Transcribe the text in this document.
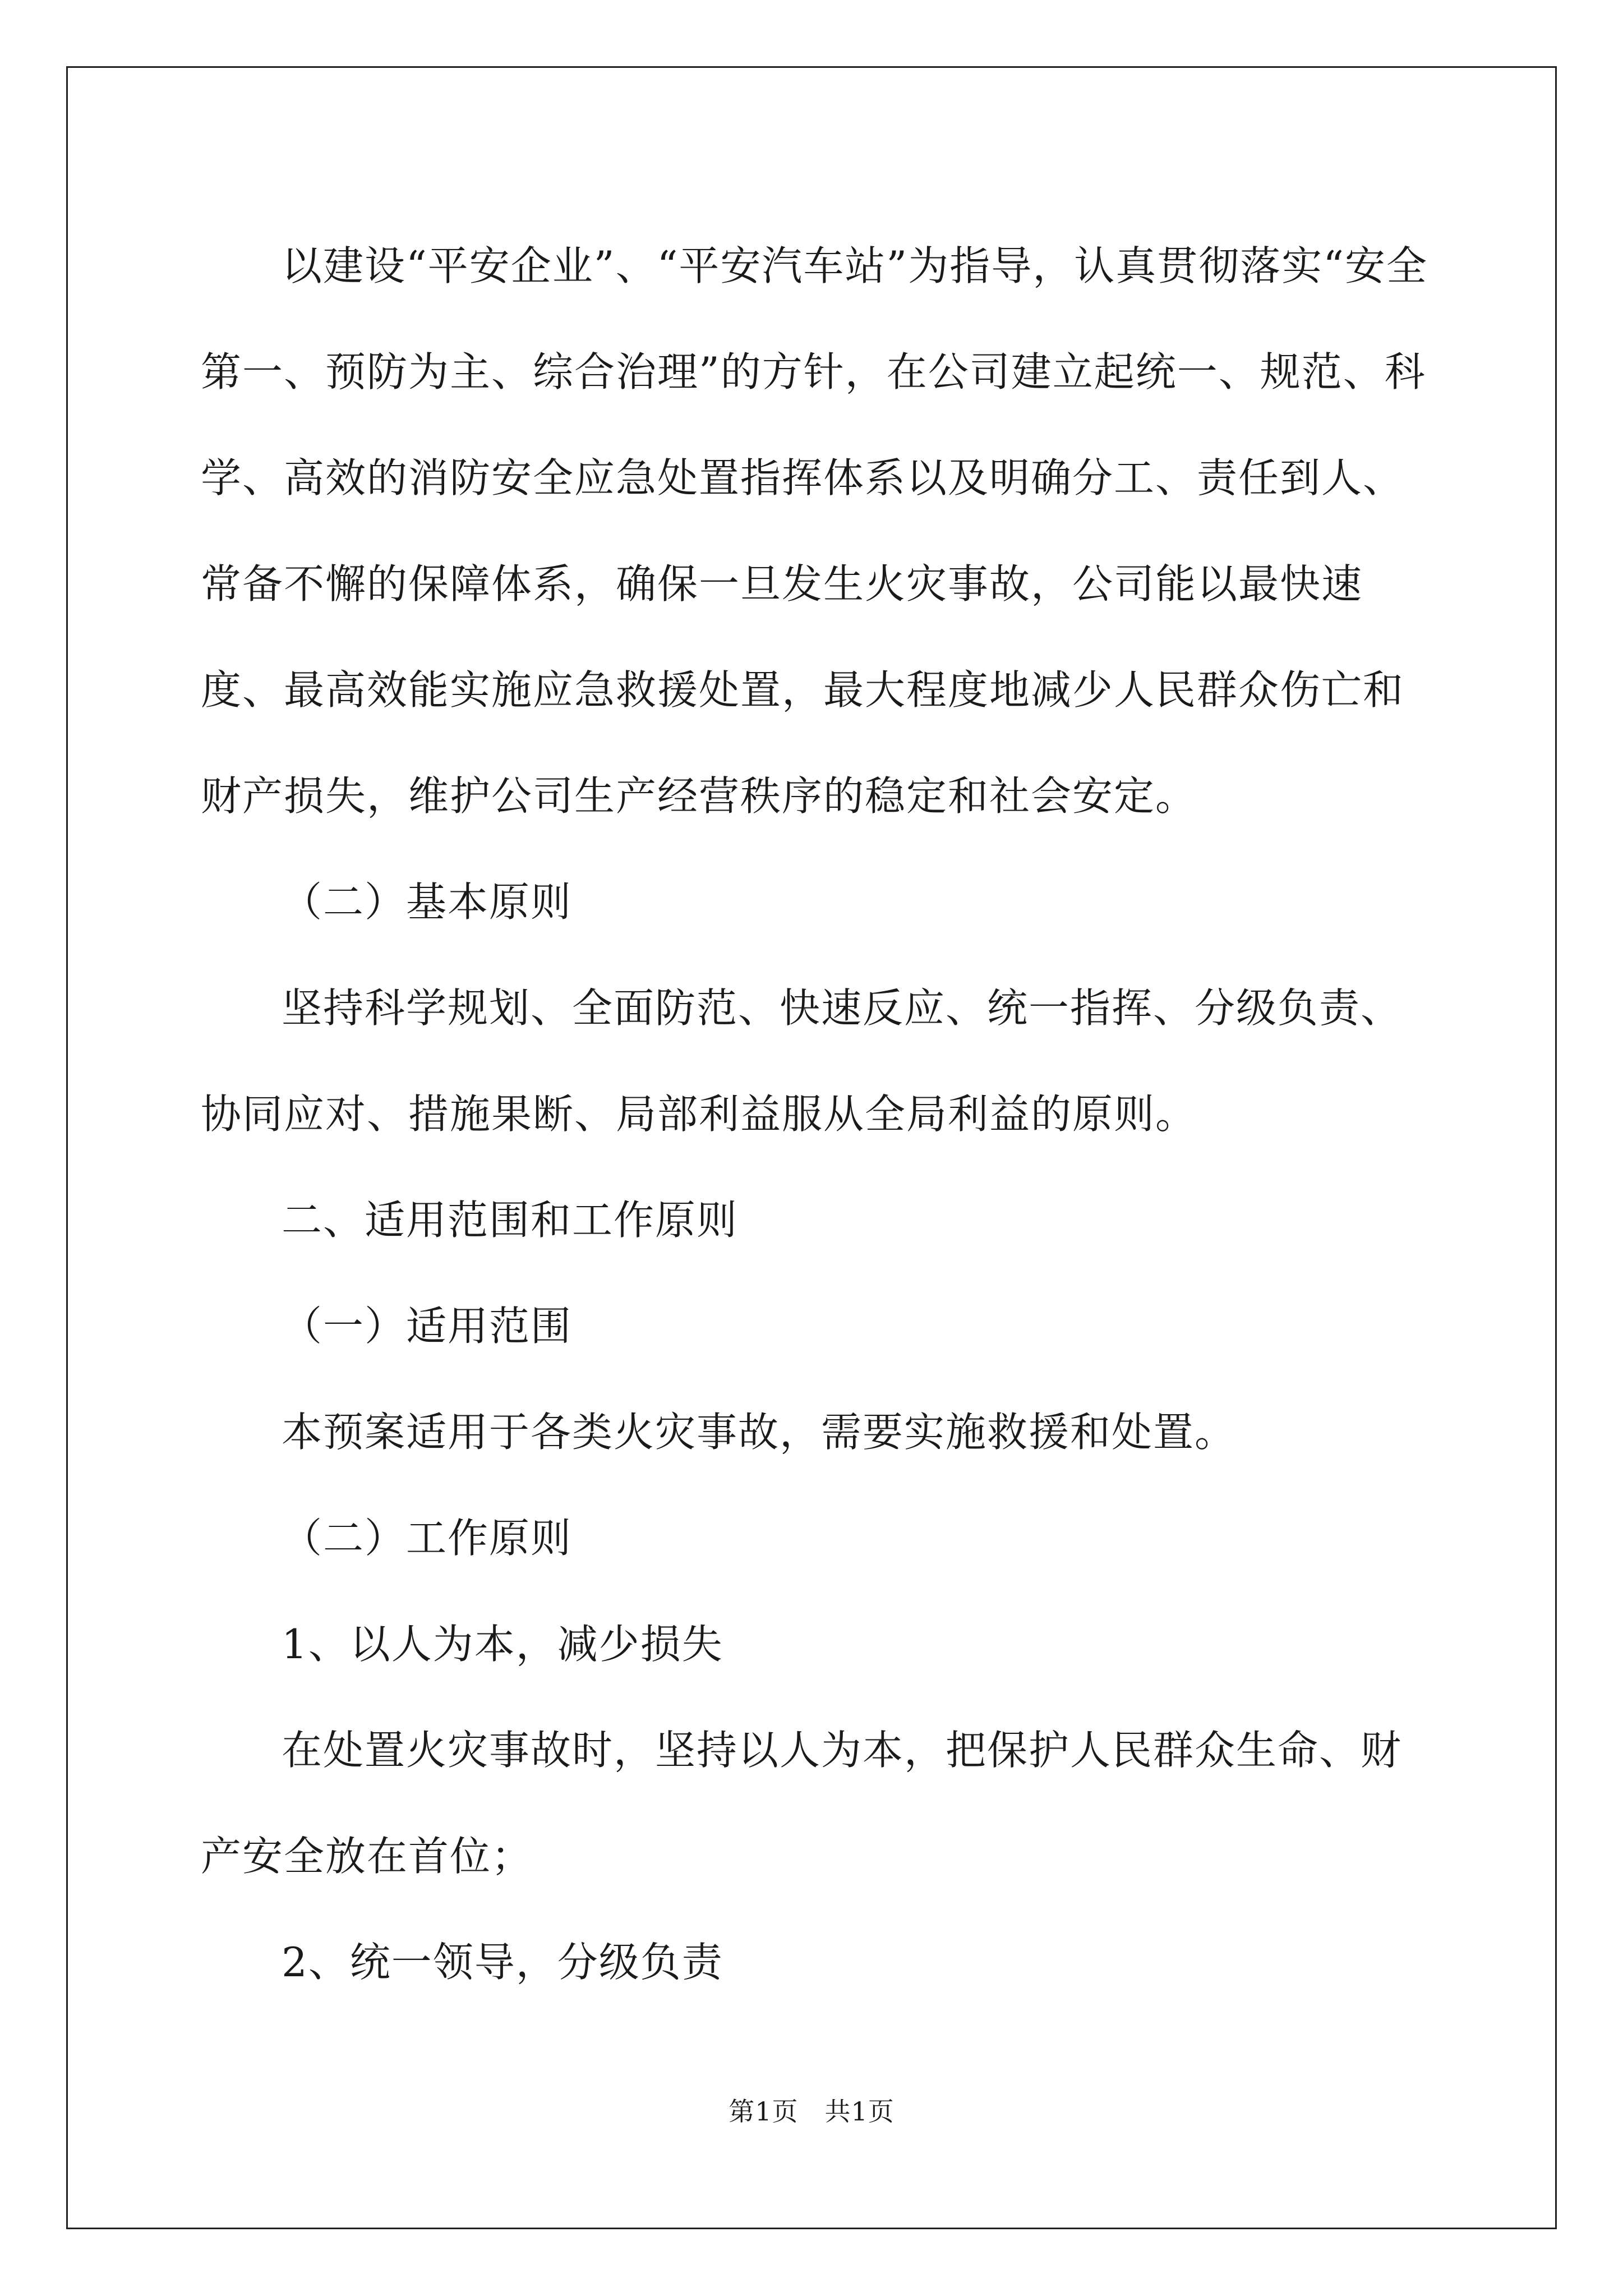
以建设“平安企业”、“平安汽车站”为指导，认真贯彻落实“安全第一、预防为主、综合治理”的方针，在公司建立起统一、规范、科学、高效的消防安全应急处置指挥体系以及明确分工、责任到人、常备不懈的保障体系，确保一旦发生火灾事故，公司能以最快速度、最高效能实施应急救援处置，最大程度地减少人民群众伤亡和财产损失，维护公司生产经营秩序的稳定和社会安定。

（二）基本原则

坚持科学规划、全面防范、快速反应、统一指挥、分级负责、协同应对、措施果断、局部利益服从全局利益的原则。

二、适用范围和工作原则

（一）适用范围

本预案适用于各类火灾事故，需要实施救援和处置。

（二）工作原则

1、以人为本，减少损失

在处置火灾事故时，坚持以人为本，把保护人民群众生命、财产安全放在首位；

2、统一领导，分级负责

第1页　共1页
